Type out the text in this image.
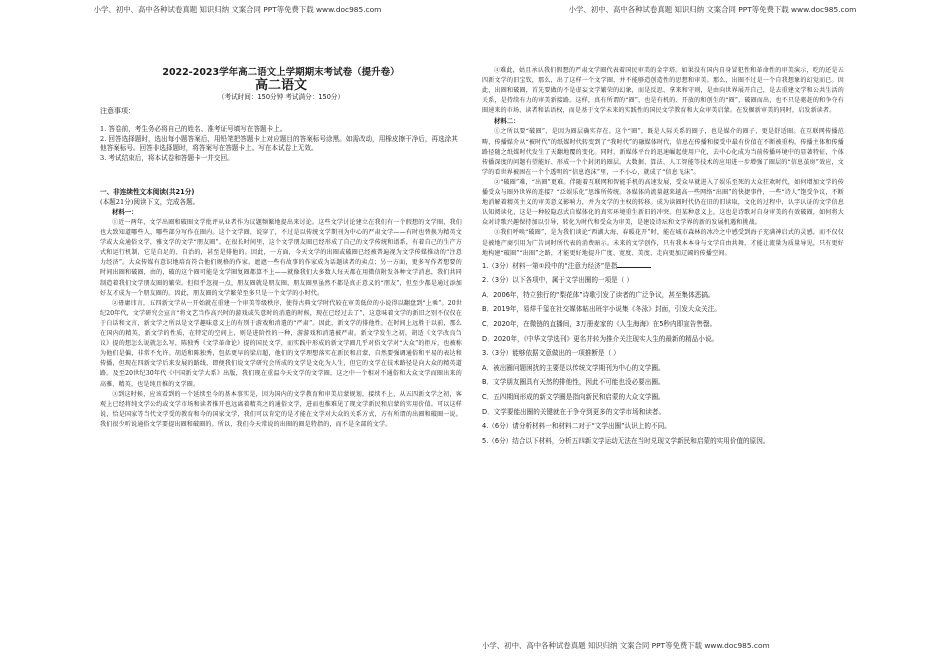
小学、初中、高中各种试卷真题 知识归纳 文案合同 PPT等免费下载 www.doc985.com	小学、初中、高中各种试卷真题 知识归纳 文案合同 PPT等免费下载 www.doc985.com
2022-2023学年高二语文上学期期末考试卷（提升卷）
高二语文
（考试时间：150分钟 考试满分：150分）
注意事项：
1. 答卷前，考生务必将自己的姓名、准考证号填写在答题卡上。
2. 回答选择题时，选出每小题答案后，用铅笔把答题卡上对应题目的答案标号涂黑。如需改动，用橡皮擦干净后，再选涂其他答案标号。回答非选择题时，将答案写在答题卡上。写在本试卷上无效。
3. 考试结束后，将本试卷和答题卡一并交回。
一、非连续性文本阅读(共21分)
(本题21分)阅读下文，完成各题。
材料一：

①近一两年，文学出圈和破圈文学批评从业者作为议题频繁地提出来讨论。这些文学讨论建立在我们有一个假想的文学圈，我们也大致知道哪些人、哪些部分写作在圈内。这个文学圈，说穿了，不过是以传统文学期刊为中心的严肃文学——有时也替换为精英文学或大众通俗文学，雅文学的文学“朋友圈”。在很长时间里，这个文学朋友圈已经形成了自己的文学传统和谱系，有着自己的生产方式和运行机制，它是自足的、自治的，甚至是排他的。因此，一方面，今天文学的出圈或破圈已经被普遍视为文学传媒推动的“注意力经济”。大众传媒有意识地培育符合他们规格的作家，遮遮一些有故事的作家成为话题读者的卖点；另一方面，更多写作者想要的时间出圈和破圈，由的，破的这个圈可能是文学圈复圈都算不上——就像我们大多数人每天都在用微信附发各种文学消息，我们共同制造着我们文学朋友圈的繁荣。但似乎忽视一点，朋友圈就是朋友圈，朋友圈里虽然不都是真正意义的“朋友”，但至少都是通过添加好友才成为一个朋友圈的。因此，朋友圈的文学繁荣至多只是一个文学的小时代。

②毋庸讳言，五四新文学从一开始就在重建一个审美等级秩序，使得古典文学时代较在审美低位的小说得以翻盘到“上乘”。20世纪20年代，文学研究会宣言“将文艺当作高兴时的游戏或失意时的消遣的时候，现在已经过去了”，这意味着文学的新旧之别不仅仅在于白话和文言，新文学之所以是文学趣味意义上的有别于游戏和消遣的“严肃”。因此，新文学的排他性，在时间上远胜于以前，那么在国内的精英，新文学的性质，在特定的空间上，则是进阶性的一种，游游戏和消遣被严肃。新文学发生之初，胡适《文学改良刍议》提的想怎么说就怎么写，陈独秀《文学革命论》提的国民文学，而实践中形成的新文学圈几乎对俗文学对“大众”的拒斥，也被称为他们是偏，非常不允许。胡适和陈独秀，包括更早的梁启超，他们的文学理想落实在新民和启蒙，自然要强调通俗和平易的表达和传播，但现在四新文学后来发展的路线，即便我们说文学研究会所成的文学是文化为人生，但它的文学在技术路径是向大众的精英道路。及至20世纪30年代《中国新文学大系》出版，我们现在重温今天文学的文学圈，这之中一个相对不通俗和大众文学而圈出来的高雅、精英，也是纯且推的文学圈。

③到这时候，应该看到的一个延续至今的基本事实是，因为国内的文学教育和审美启蒙规划，接续不上，从五四新文学之初，客观上已经将纯文学公约或文学市场和读者推开也远离着精英之的通俗文学，进而也推难见了现文学新民和启蒙的实用价值。可以这样说，恰是国家等当代文学受的教育和今的国家文学，我们可以肯定的是才能在文学对大众的关系方式，方有所谓的出圈和破圈一说。我们很少听说通俗文学要提出圈和破圈的。所以，我们今天常说的出圈的圈是特指的，而不是全部的文学。

④难此，姑且承认我们假想的严肃文学圈代表着国民审美的金字塔。如果没有国内自身冒犯性和革命性的审美演示，吃的还是五四新文学的旧宝钦，那么，出了这样一个文学圈，并不能够造创造性的思想和审美。那么，出圈不过是一个自我想象的幻觉而已。因此，出圈和破圈，首先要做的不是虚妄文学繁荣的幻象，而是反思、拿来和守则，是由向世界展开自己，是去重建文学和公共生活的关系，是持续有力的审美新接路。这样，真有所谓的“圈”，也是有机的、开放的和创生的“圈”，破圈而出，也不只是驱赶的和争夺有圈速来的市场、读者和话语权，而是基于文学未来的实践性的国民文学教育和大众审美启蒙。在发掘新审美的同时，启发新读者。

材料二：

①之所以要“破圈”，是因为圈层确实存在。这个“圈”，既是人际关系的圈子，也是媒介的圈子，更是舒适圈。在互联网传播范畴，传播媒介从“被时代”的纸媒时代转变到了“我时代”的融媒体时代，信息在传播和接受中最有价值在不断被重构。传播主体和传播路径随之纸媒时代发生了天翻地覆的变化。同时，新媒体平台的迅速崛起使用户化，去中心化成为当前传播环境中的显著特征，个体传播深度的问题有望能好、形成一个个封闭的圈层。大数据、算法、人工智能等技术的应用进一步增强了圈层的“信息茧房”效应，文学的看世界被困在一个个透明的“信息泡沫”里，一不小心，就成了“信息飞沫”。

②“破圈”难，“出圈”更难。伴随着互联网和智能手机的高速发展，受众早就进入了娱乐至死的大众狂欢时代，如何增加文学的传播受众与圈外世界的连接？“泛娱乐化”思维所传统。各媒体尚流量越来越高一些网络“出圈”的快捷事件，一些“诗人”饱受争议，不断地消解着精英主义的审美意义影响力，并为文学的主权的转移。成为读圈时代仍在旧的旧读取，文化的过程中，认字认证的文学信息认知阅读化，这是一种较隐忍式自媒体化的真实环境重生新旧的冲突。但某种意义上，这也是诗歌对自身审美的有效破圈，如何将大众对诗歌兴趣保持加以引导，转化为时代和受众为审美，是建设诗坛和文学界的新的发展机遇和挑战。

③我们呼唤“破圈”，是为我们谈论“西湖大海，春暖花开”时，能在城市森林的冰冷之中感受到海子充满神启式的灵感，而不仅仅是被地产商引用为广告词时所代表的消费暗示。未来的文学创作，只有我本本身与文学自由共舞，才能让流量为质量导见，只有更好地构建“破圈”“出圈”之路，才能更好地提升广度、宽度、美度、走向更加辽阔的传播空间。

1.（3分）材料一第①段中的“注意力经济”是指
2.（3分）以下各项中，属于文学出圈的一项是（ ）
A．2006年，特立独行的“梨花体”诗歌引发了读者的广泛争议，甚至集体恶搞。
B．2019年，易烊千玺在社交媒体帖出班宇小说集《冬泳》封面，引发大众关注。
C．2020年，在微链的直播间，3万册麦家的《人生海海》在5秒内即宣告售罄。
D．2020年，《中华文学选刊》更名并转为推介关注现实人生的最新的精品小说。
3.（3分）能够依据文意做出的一项推断是（ ）
A．被出圈问题困扰的主要是以传统文学期刊为中心的文学圈。
B．文学朋友圈具有天然的排他性，因此不可能也没必要出圈。
C．五四期间形成的新文学圈是指向新民和启蒙的大众文学圈。
D．文学要能出圈的关键就在于争夺到更多的文学市场和读者。
4.（6分）请分析材料一和材料二对于“文学出圈”认识上的不同。
5.（6分）结合以下材料，分析五四新文学运动无法在当时兑现文学新民和启蒙的实用价值的原因。
小学、初中、高中各种试卷真题 知识归纳 文案合同 PPT等免费下载 www.doc985.com
